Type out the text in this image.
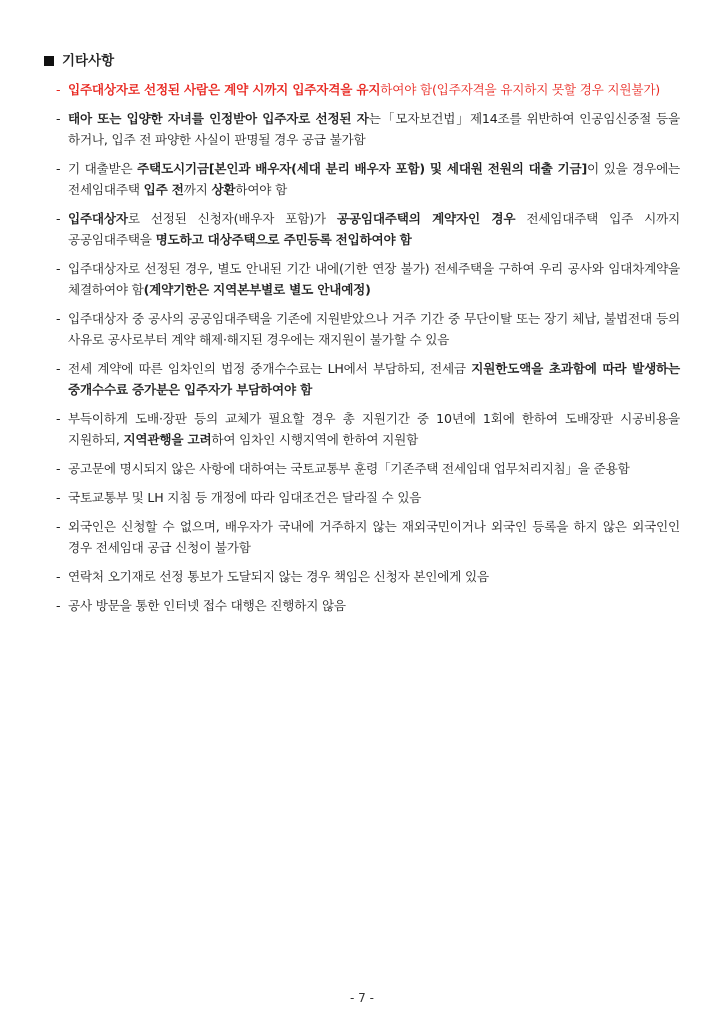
기타사항
- 입주대상자로 선정된 사람은 계약 시까지 입주자격을 유지하여야 함(입주자격을 유지하지 못할 경우 지원불가)
- 태아 또는 입양한 자녀를 인정받아 입주자로 선정된 자는「모자보건법」제14조를 위반하여 인공임신중절 등을 하거나, 입주 전 파양한 사실이 판명될 경우 공급 불가함
- 기 대출받은 주택도시기금[본인과 배우자(세대 분리 배우자 포함) 및 세대원 전원의 대출 기금]이 있을 경우에는 전세임대주택 입주 전까지 상환하여야 함
- 입주대상자로 선정된 신청자(배우자 포함)가 공공임대주택의 계약자인 경우 전세임대주택 입주 시까지 공공임대주택을 명도하고 대상주택으로 주민등록 전입하여야 함
- 입주대상자로 선정된 경우, 별도 안내된 기간 내에(기한 연장 불가) 전세주택을 구하여 우리 공사와 임대차계약을 체결하여야 함(계약기한은 지역본부별로 별도 안내예정)
- 입주대상자 중 공사의 공공임대주택을 기존에 지원받았으나 거주 기간 중 무단이탈 또는 장기 체납, 불법전대 등의 사유로 공사로부터 계약 해제·해지된 경우에는 재지원이 불가할 수 있음
- 전세 계약에 따른 임차인의 법정 중개수수료는 LH에서 부담하되, 전세금 지원한도액을 초과함에 따라 발생하는 중개수수료 증가분은 입주자가 부담하여야 함
- 부득이하게 도배·장판 등의 교체가 필요할 경우 총 지원기간 중 10년에 1회에 한하여 도배장판 시공비용을 지원하되, 지역관행을 고려하여 임차인 시행지역에 한하여 지원함
- 공고문에 명시되지 않은 사항에 대하여는 국토교통부 훈령「기존주택 전세임대 업무처리지침」을 준용함
- 국토교통부 및 LH 지침 등 개정에 따라 임대조건은 달라질 수 있음
- 외국인은 신청할 수 없으며, 배우자가 국내에 거주하지 않는 재외국민이거나 외국인 등록을 하지 않은 외국인인 경우 전세임대 공급 신청이 불가함
- 연락처 오기재로 선정 통보가 도달되지 않는 경우 책임은 신청자 본인에게 있음
- 공사 방문을 통한 인터넷 접수 대행은 진행하지 않음
- 7 -
